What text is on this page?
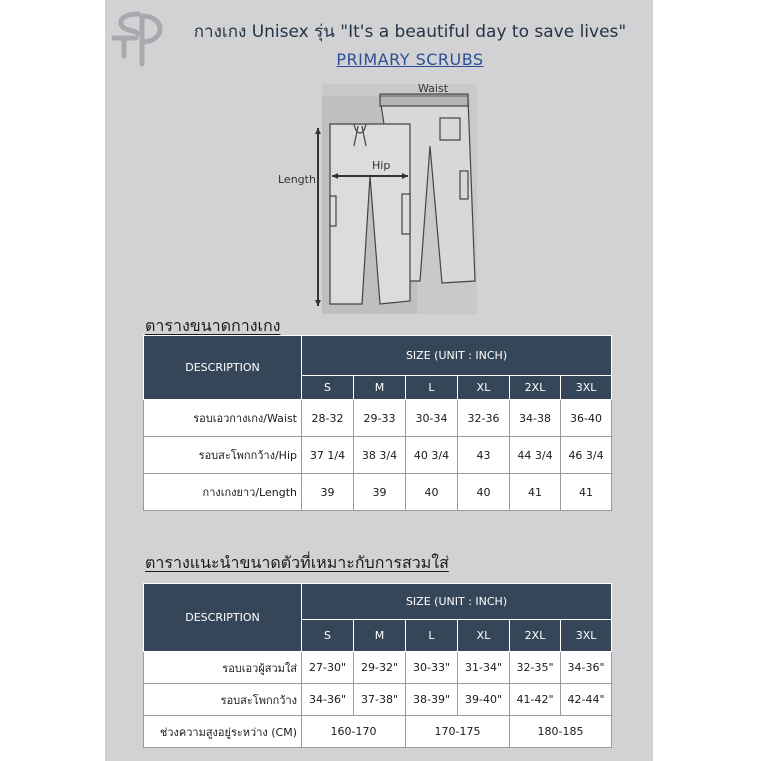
กางเกง Unisex รุ่น "It's a beautiful day to save lives"
PRIMARY SCRUBS
Waist
Hip
Length
ตารางขนาดกางเกง
DESCRIPTION	SIZE (UNIT : INCH)					
	S	M	L	XL	2XL	3XL
รอบเอวกางเกง/Waist	28-32	29-33	30-34	32-36	34-38	36-40
รอบสะโพกกว้าง/Hip	37 1/4	38 3/4	40 3/4	43	44 3/4	46 3/4
กางเกงยาว/Length	39	39	40	40	41	41
ตารางแนะนำขนาดตัวที่เหมาะกับการสวมใส่
DESCRIPTION	SIZE (UNIT : INCH)					
	S	M	L	XL	2XL	3XL
รอบเอวผู้สวมใส่	27-30"	29-32"	30-33"	31-34"	32-35"	34-36"
รอบสะโพกกว้าง	34-36"	37-38"	38-39"	39-40"	41-42"	42-44"
ช่วงความสูงอยู่ระหว่าง (CM)	160-170		170-175		180-185	
